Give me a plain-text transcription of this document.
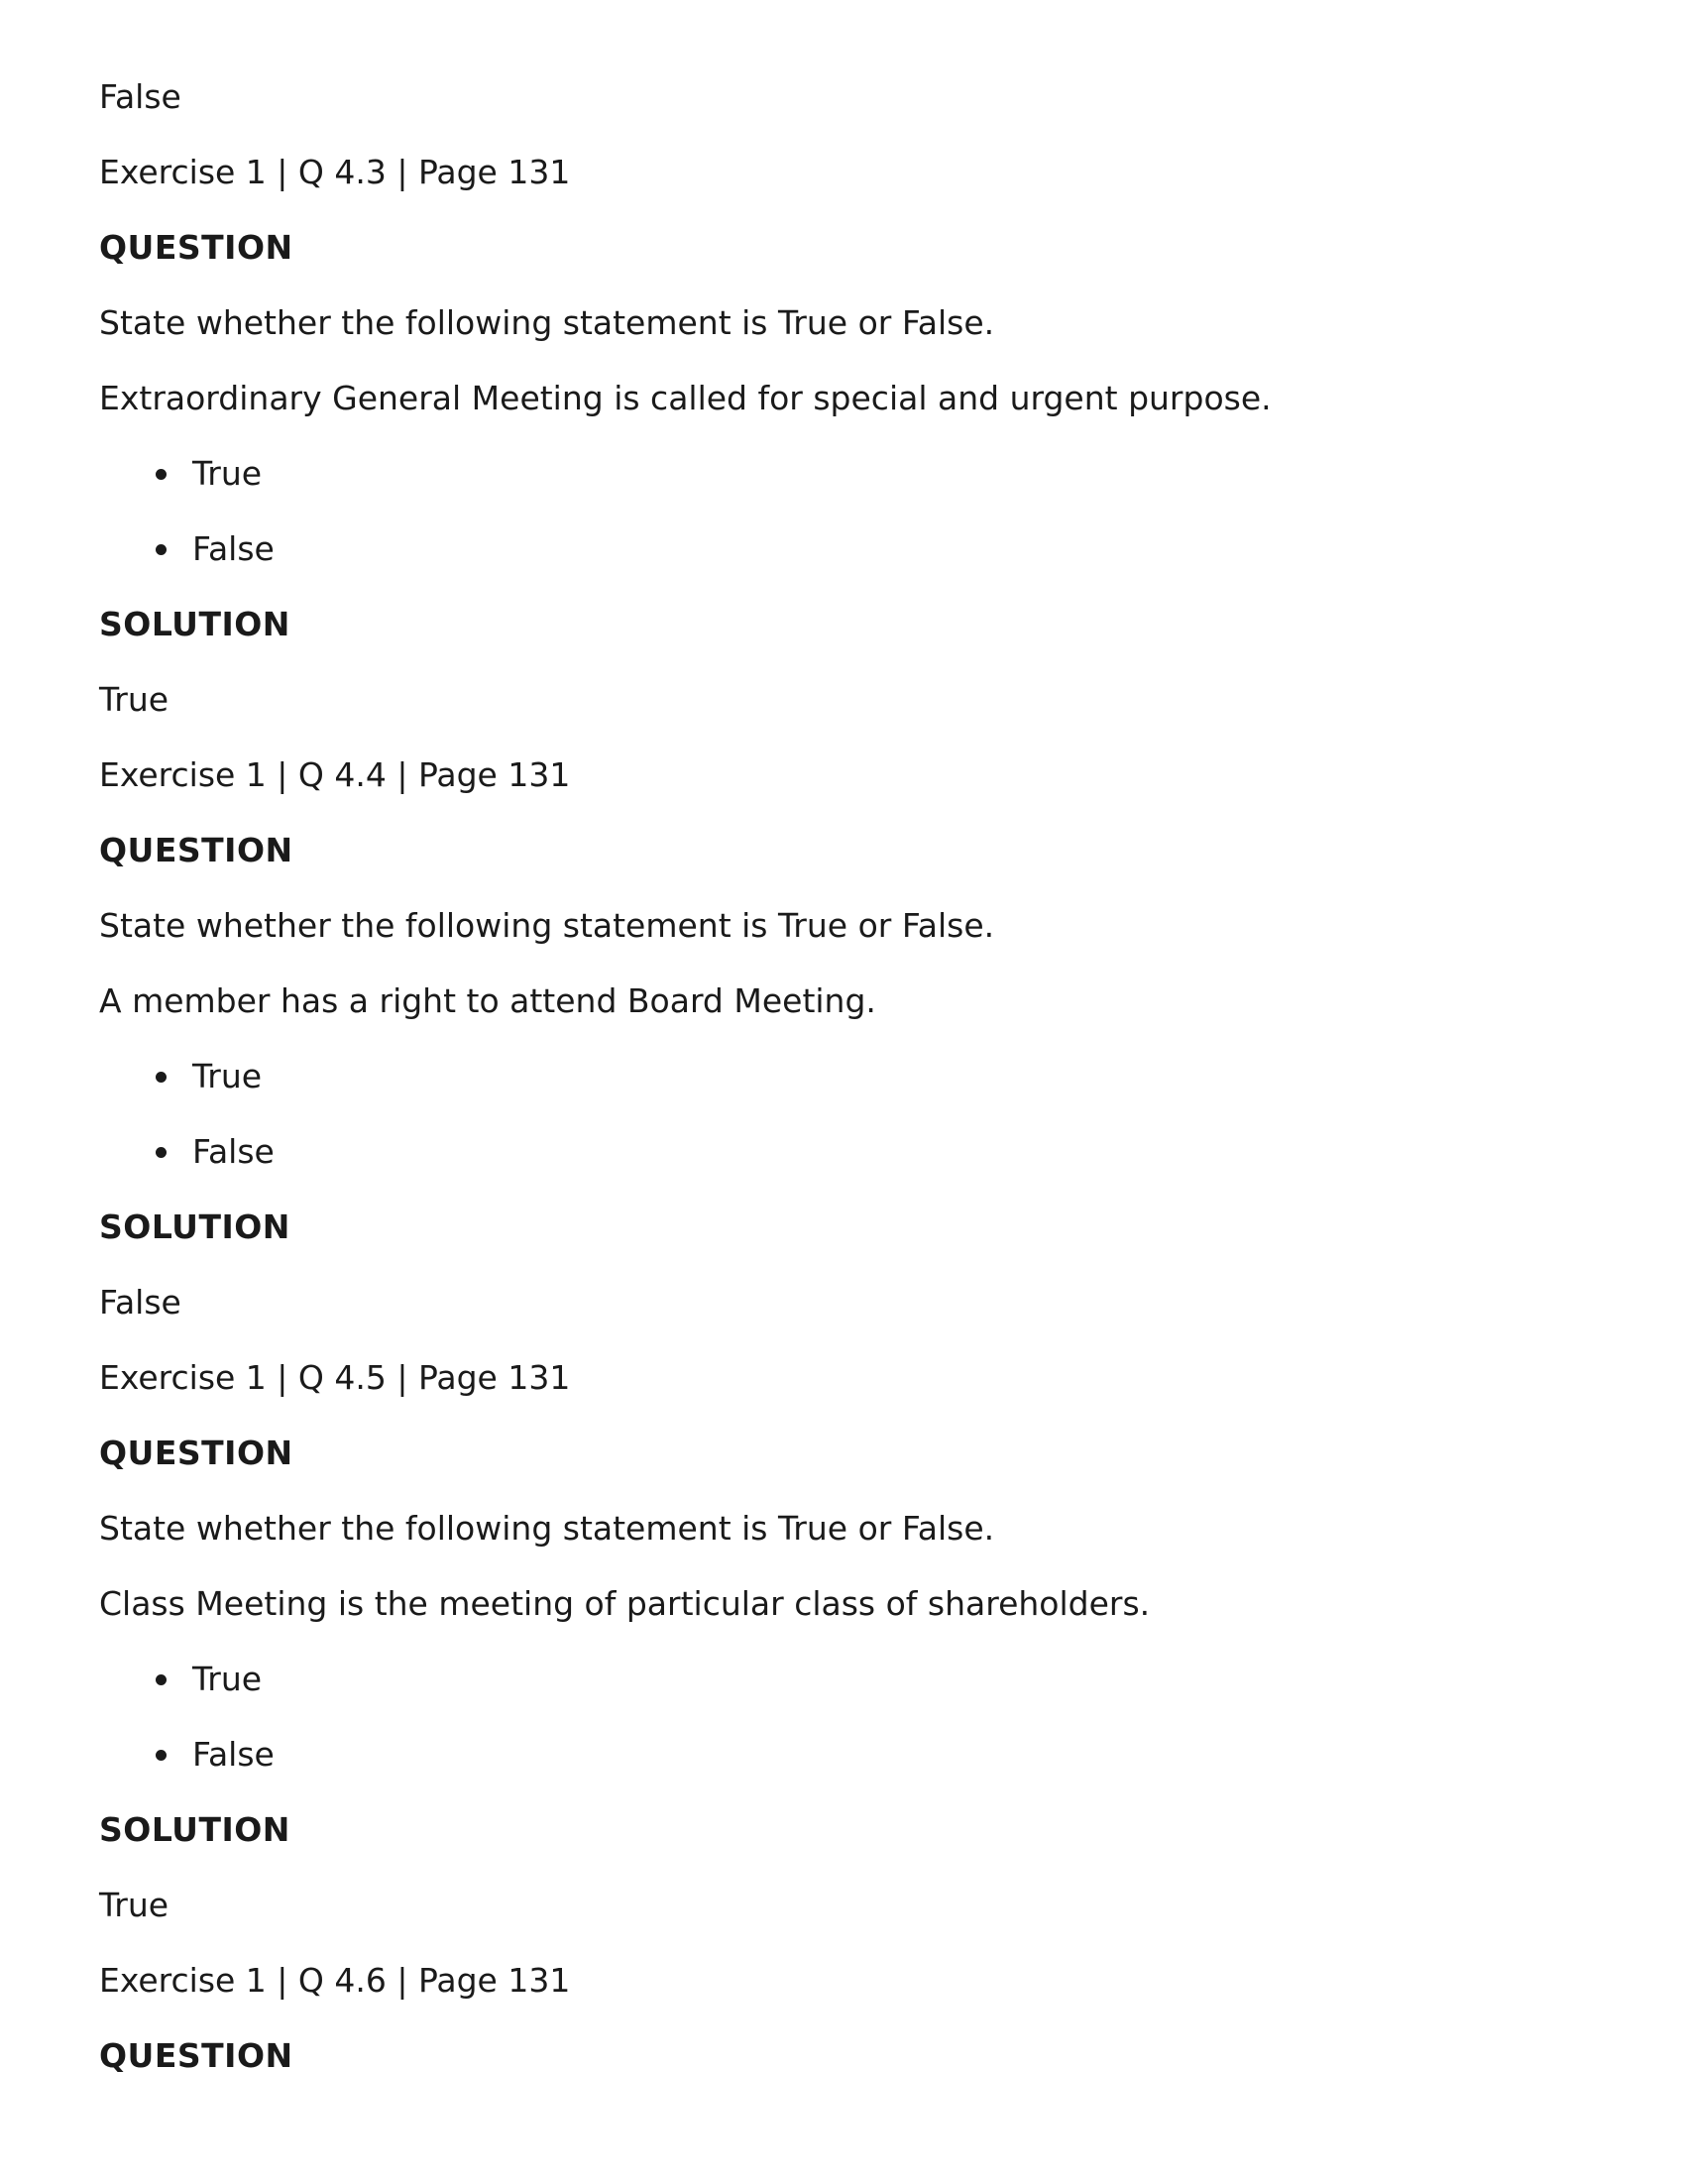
False
Exercise 1 | Q 4.3 | Page 131
QUESTION
State whether the following statement is True or False.
Extraordinary General Meeting is called for special and urgent purpose.
True
False
SOLUTION
True
Exercise 1 | Q 4.4 | Page 131
QUESTION
State whether the following statement is True or False.
A member has a right to attend Board Meeting.
True
False
SOLUTION
False
Exercise 1 | Q 4.5 | Page 131
QUESTION
State whether the following statement is True or False.
Class Meeting is the meeting of particular class of shareholders.
True
False
SOLUTION
True
Exercise 1 | Q 4.6 | Page 131
QUESTION
